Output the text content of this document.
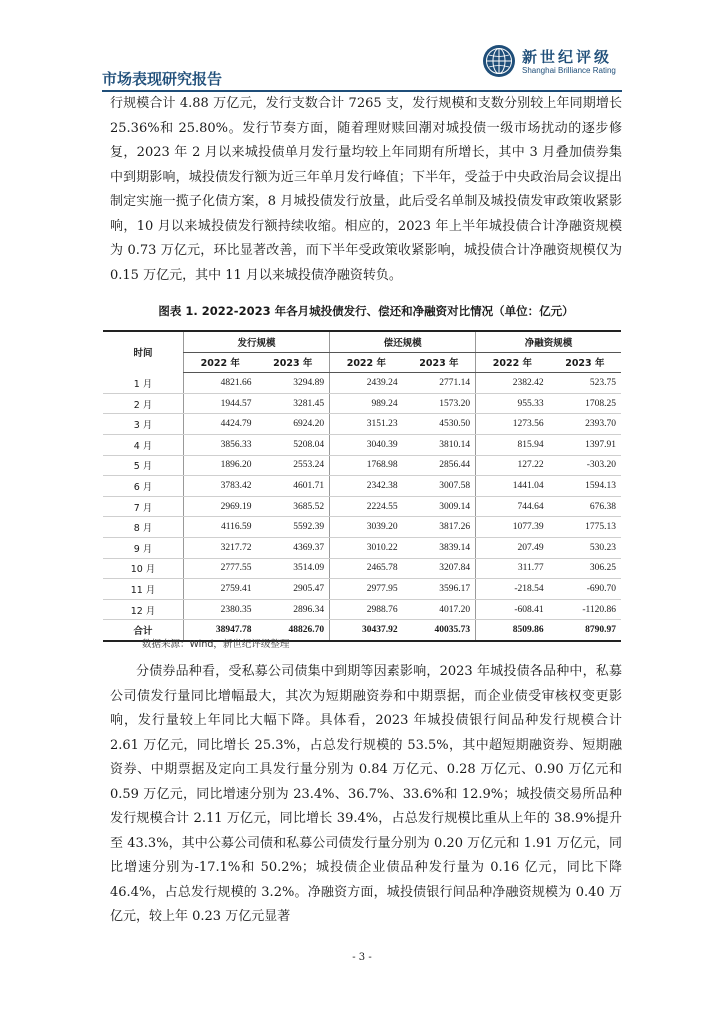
市场表现研究报告
新世纪评级
Shanghai Brilliance Rating
行规模合计 4.88 万亿元，发行支数合计 7265 支，发行规模和支数分别较上年同期增长 25.36%和 25.80%。发行节奏方面，随着理财赎回潮对城投债一级市场扰动的逐步修复，2023 年 2 月以来城投债单月发行量均较上年同期有所增长，其中 3 月叠加债券集中到期影响，城投债发行额为近三年单月发行峰值；下半年，受益于中央政治局会议提出制定实施一揽子化债方案，8 月城投债发行放量，此后受名单制及城投债发审政策收紧影响，10 月以来城投债发行额持续收缩。相应的，2023 年上半年城投债合计净融资规模为 0.73 万亿元，环比显著改善，而下半年受政策收紧影响，城投债合计净融资规模仅为 0.15 万亿元，其中 11 月以来城投债净融资转负。
图表 1. 2022-2023 年各月城投债发行、偿还和净融资对比情况（单位：亿元）
时间	发行规模		偿还规模		净融资规模	
	2022 年	2023 年	2022 年	2023 年	2022 年	2023 年
1 月	4821.66	3294.89	2439.24	2771.14	2382.42	523.75
2 月	1944.57	3281.45	989.24	1573.20	955.33	1708.25
3 月	4424.79	6924.20	3151.23	4530.50	1273.56	2393.70
4 月	3856.33	5208.04	3040.39	3810.14	815.94	1397.91
5 月	1896.20	2553.24	1768.98	2856.44	127.22	-303.20
6 月	3783.42	4601.71	2342.38	3007.58	1441.04	1594.13
7 月	2969.19	3685.52	2224.55	3009.14	744.64	676.38
8 月	4116.59	5592.39	3039.20	3817.26	1077.39	1775.13
9 月	3217.72	4369.37	3010.22	3839.14	207.49	530.23
10 月	2777.55	3514.09	2465.78	3207.84	311.77	306.25
11 月	2759.41	2905.47	2977.95	3596.17	-218.54	-690.70
12 月	2380.35	2896.34	2988.76	4017.20	-608.41	-1120.86
合计	38947.78	48826.70	30437.92	40035.73	8509.86	8790.97
数据来源：Wind，新世纪评级整理
分债券品种看，受私募公司债集中到期等因素影响，2023 年城投债各品种中，私募公司债发行量同比增幅最大，其次为短期融资券和中期票据，而企业债受审核权变更影响，发行量较上年同比大幅下降。具体看，2023 年城投债银行间品种发行规模合计 2.61 万亿元，同比增长 25.3%，占总发行规模的 53.5%，其中超短期融资券、短期融资券、中期票据及定向工具发行量分别为 0.84 万亿元、0.28 万亿元、0.90 万亿元和 0.59 万亿元，同比增速分别为 23.4%、36.7%、33.6%和 12.9%；城投债交易所品种发行规模合计 2.11 万亿元，同比增长 39.4%，占总发行规模比重从上年的 38.9%提升至 43.3%，其中公募公司债和私募公司债发行量分别为 0.20 万亿元和 1.91 万亿元，同比增速分别为-17.1%和 50.2%；城投债企业债品种发行量为 0.16 亿元，同比下降 46.4%，占总发行规模的 3.2%。净融资方面，城投债银行间品种净融资规模为 0.40 万亿元，较上年 0.23 万亿元显著
- 3 -
